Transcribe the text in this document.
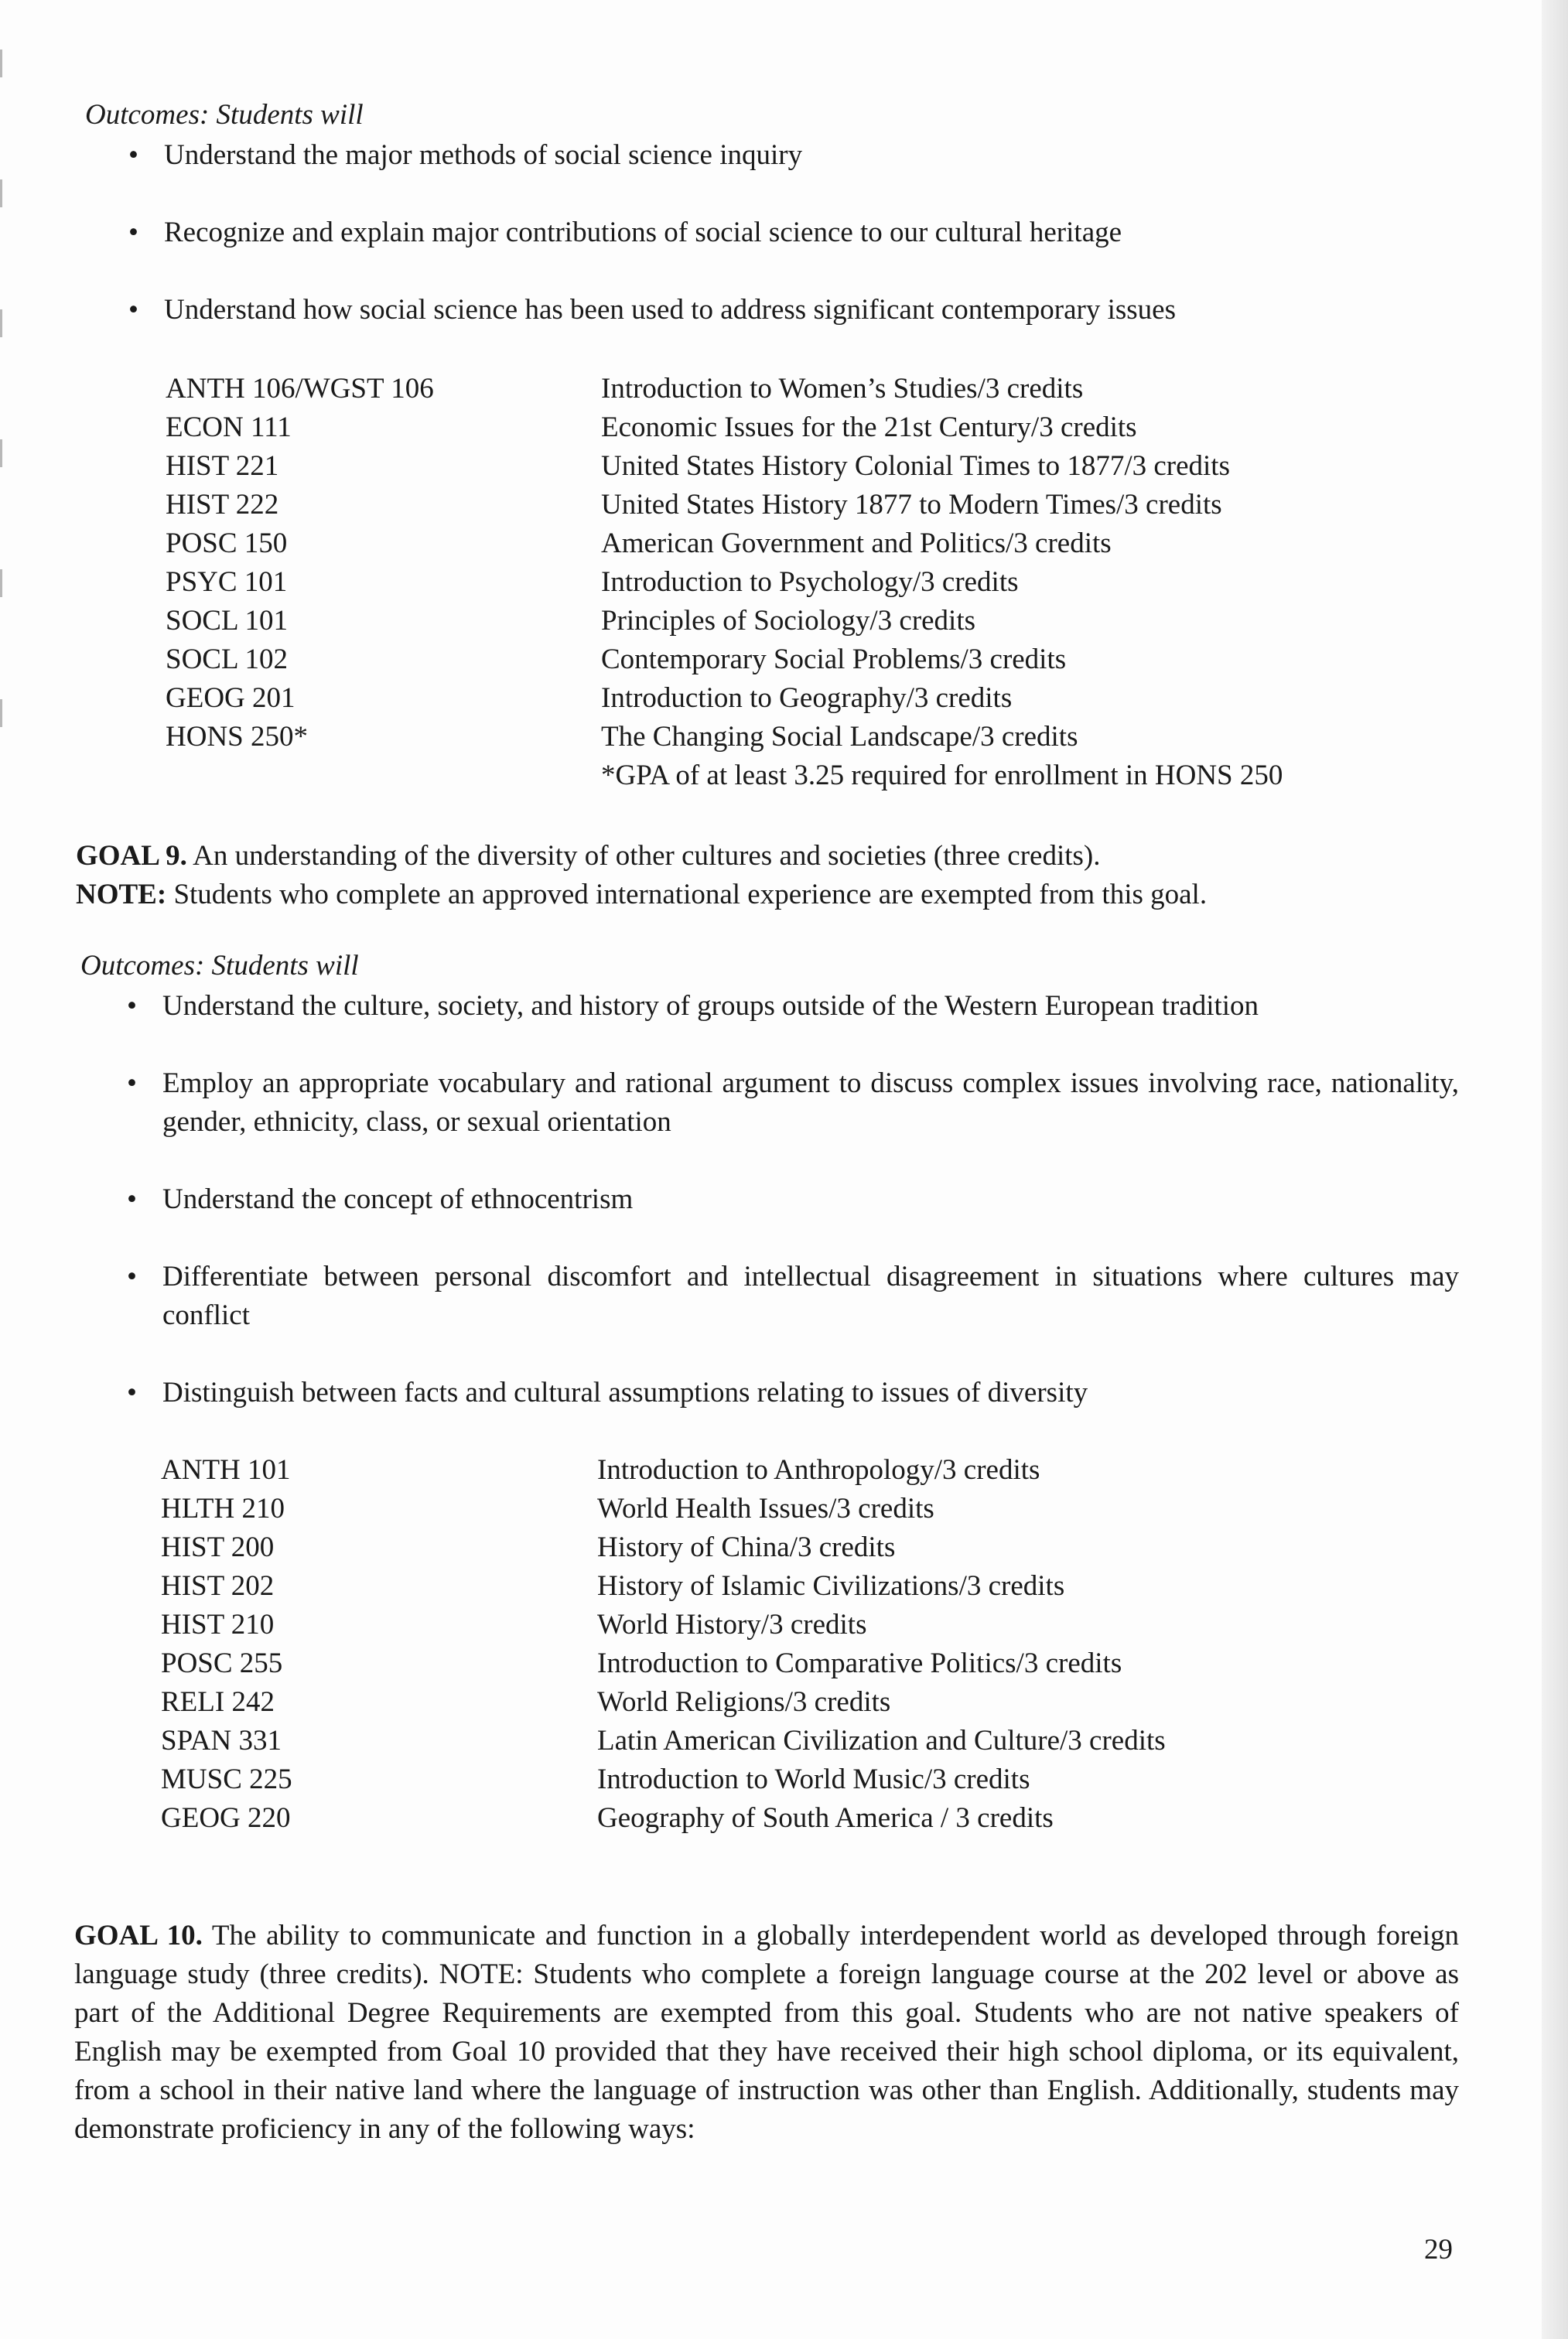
Outcomes: Students will
• Understand the major methods of social science inquiry
• Recognize and explain major contributions of social science to our cultural heritage
• Understand how social science has been used to address significant contemporary issues
ANTH 106/WGST 106	Introduction to Women’s Studies/3 credits
ECON 111	Economic Issues for the 21st Century/3 credits
HIST 221	United States History Colonial Times to 1877/3 credits
HIST 222	United States History 1877 to Modern Times/3 credits
POSC 150	American Government and Politics/3 credits
PSYC 101	Introduction to Psychology/3 credits
SOCL 101	Principles of Sociology/3 credits
SOCL 102	Contemporary Social Problems/3 credits
GEOG 201	Introduction to Geography/3 credits
HONS 250*	The Changing Social Landscape/3 credits
	*GPA of at least 3.25 required for enrollment in HONS 250
GOAL 9. An understanding of the diversity of other cultures and societies (three credits).
NOTE: Students who complete an approved international experience are exempted from this goal.
Outcomes: Students will
• Understand the culture, society, and history of groups outside of the Western European tradition
• Employ an appropriate vocabulary and rational argument to discuss complex issues involving race, nationality, gender, ethnicity, class, or sexual orientation
• Understand the concept of ethnocentrism
• Differentiate between personal discomfort and intellectual disagreement in situations where cultures may conflict
• Distinguish between facts and cultural assumptions relating to issues of diversity
ANTH 101	Introduction to Anthropology/3 credits
HLTH 210	World Health Issues/3 credits
HIST 200	History of China/3 credits
HIST 202	History of Islamic Civilizations/3 credits
HIST 210	World History/3 credits
POSC 255	Introduction to Comparative Politics/3 credits
RELI 242	World Religions/3 credits
SPAN 331	Latin American Civilization and Culture/3 credits
MUSC 225	Introduction to World Music/3 credits
GEOG 220	Geography of South America / 3 credits
GOAL 10. The ability to communicate and function in a globally interdependent world as developed through foreign language study (three credits). NOTE: Students who complete a foreign language course at the 202 level or above as part of the Additional Degree Requirements are exempted from this goal. Students who are not native speakers of English may be exempted from Goal 10 provided that they have received their high school diploma, or its equivalent, from a school in their native land where the language of instruction was other than English. Additionally, students may demonstrate proficiency in any of the following ways:
29
